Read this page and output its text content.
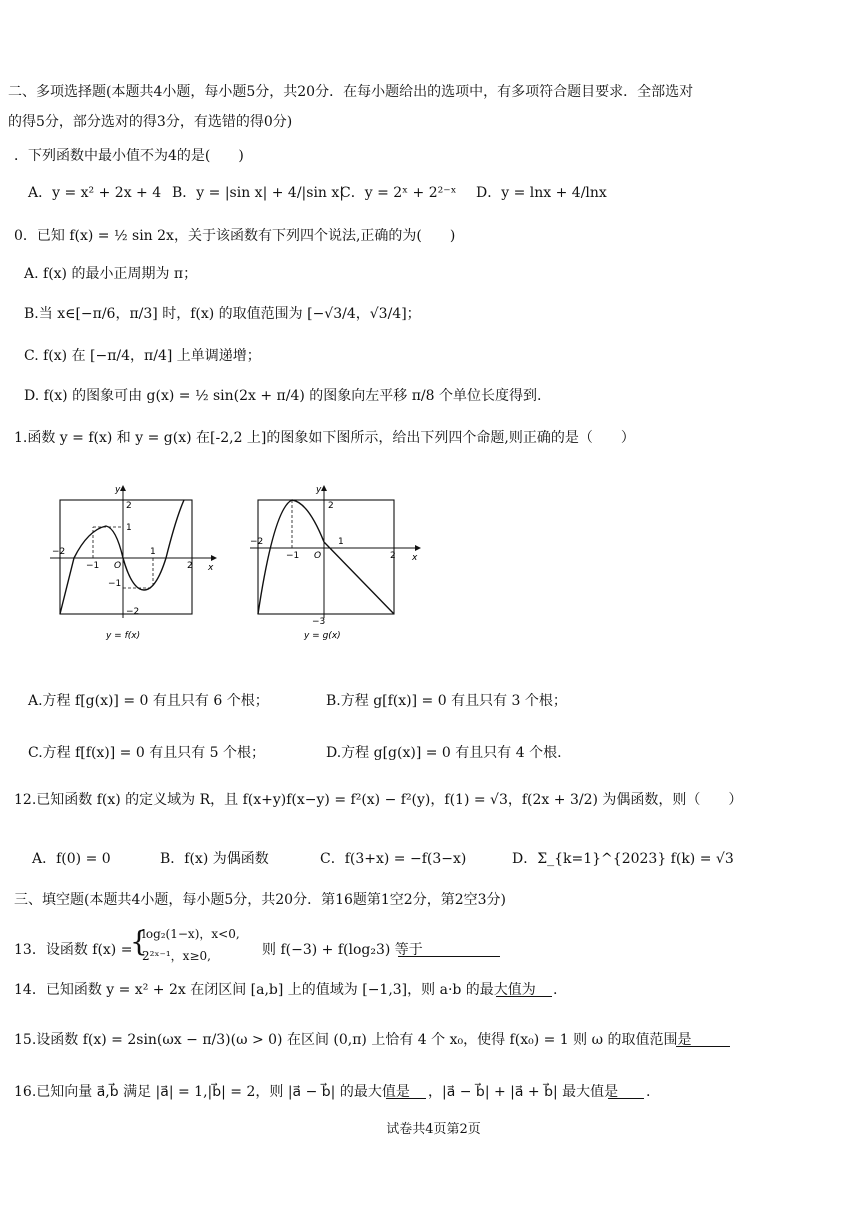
二、多项选择题(本题共4小题，每小题5分，共20分．在每小题给出的选项中，有多项符合题目要求．全部选对
的得5分，部分选对的得3分，有选错的得0分)
．下列函数中最小值不为4的是(　　)
A．y = x² + 2x + 4 B．y = |sin x| + 4/|sin x|
C．y = 2ˣ + 2²⁻ˣ D．y = lnx + 4/lnx
0．已知 f(x) = ½ sin 2x，关于该函数有下列四个说法,正确的为(　　)
A. f(x) 的最小正周期为 π；
B.当 x∈[−π/6，π/3] 时，f(x) 的取值范围为 [−√3/4，√3/4]；
C. f(x) 在 [−π/4，π/4] 上单调递增；
D. f(x) 的图象可由 g(x) = ½ sin(2x + π/4) 的图象向左平移 π/8 个单位长度得到.
1.函数 y = f(x) 和 y = g(x) 在[-2,2 上]的图象如下图所示，给出下列四个命题,则正确的是（　　）
−2
−1 O
1
2 x
y
2
1
−1
−2
y = f(x)
−2
−1 O
1
2 x
y
2
−3
y = g(x)
A.方程 f[g(x)] = 0 有且只有 6 个根；	B.方程 g[f(x)] = 0 有且只有 3 个根；
C.方程 f[f(x)] = 0 有且只有 5 个根；	D.方程 g[g(x)] = 0 有且只有 4 个根.
12.已知函数 f(x) 的定义域为 R，且 f(x+y)f(x−y) = f²(x) − f²(y)，f(1) = √3，f(2x + 3/2) 为偶函数，则（　　）
A．f(0) = 0	B．f(x) 为偶函数	C．f(3+x) = −f(3−x)	D．Σ_{k=1}^{2023} f(k) = √3
三、填空题(本题共4小题，每小题5分，共20分．第16题第1空2分，第2空3分)
13．设函数 f(x) =
{
log₂(1−x)，x<0,
2²ˣ⁻¹，x≥0,	则 f(−3) + f(log₂3) 等于
14．已知函数 y = x² + 2x 在闭区间 [a,b] 上的值域为 [−1,3]，则 a·b 的最大值为 .
15.设函数 f(x) = 2sin(ωx − π/3)(ω > 0) 在区间 (0,π) 上恰有 4 个 x₀，使得 f(x₀) = 1 则 ω 的取值范围是
16.已知向量 a⃗,b⃗ 满足 |a⃗| = 1,|b⃗| = 2，则 |a⃗ − b⃗| 的最大值是 ，|a⃗ − b⃗| + |a⃗ + b⃗| 最大值是 .
试卷共4页第2页
